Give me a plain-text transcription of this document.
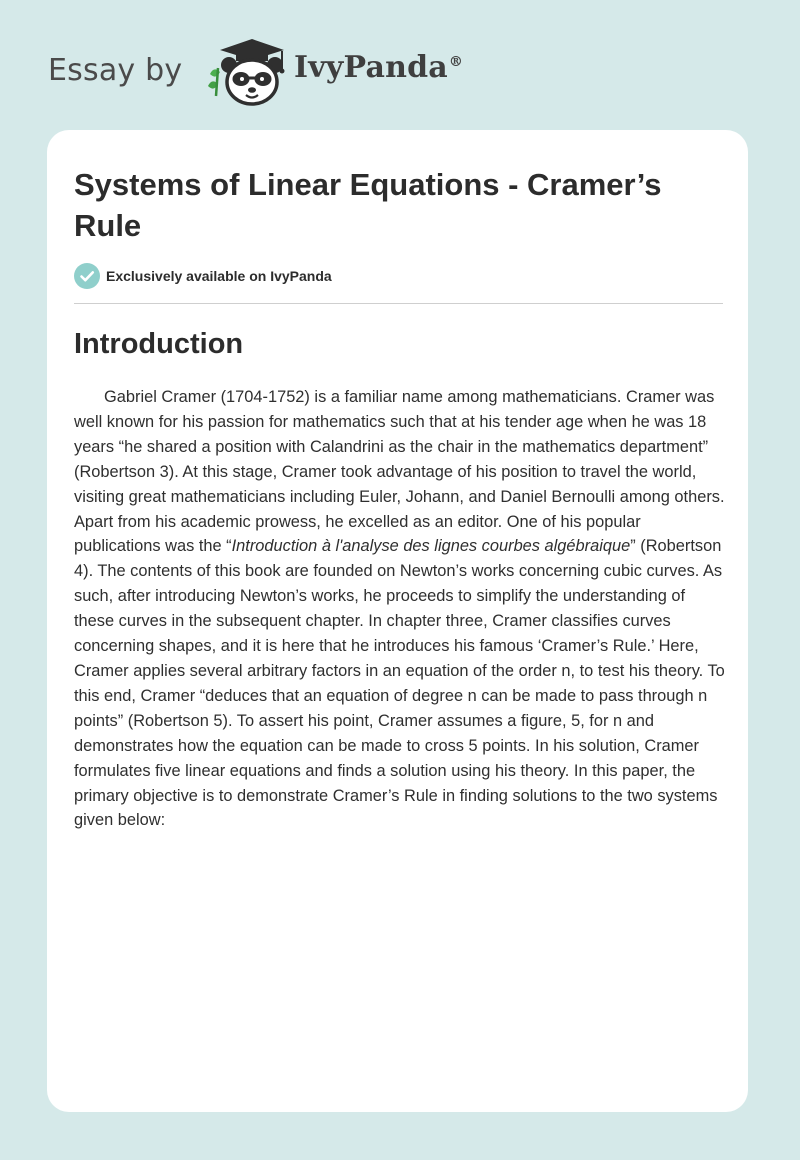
Essay by	IvyPanda®
Systems of Linear Equations - Cramer’s Rule
Exclusively available on IvyPanda
Introduction

Gabriel Cramer (1704-1752) is a familiar name among mathematicians. Cramer was well known for his passion for mathematics such that at his tender age when he was 18 years “he shared a position with Calandrini as the chair in the mathematics department” (Robertson 3). At this stage, Cramer took advantage of his position to travel the world, visiting great mathematicians including Euler, Johann, and Daniel Bernoulli among others. Apart from his academic prowess, he excelled as an editor. One of his popular publications was the “Introduction à l'analyse des lignes courbes algébraique” (Robertson 4). The contents of this book are founded on Newton’s works concerning cubic curves. As such, after introducing Newton’s works, he proceeds to simplify the understanding of these curves in the subsequent chapter. In chapter three, Cramer classifies curves concerning shapes, and it is here that he introduces his famous ‘Cramer’s Rule.’ Here, Cramer applies several arbitrary factors in an equation of the order n, to test his theory. To this end, Cramer “deduces that an equation of degree n can be made to pass through n points” (Robertson 5). To assert his point, Cramer assumes a figure, 5, for n and demonstrates how the equation can be made to cross 5 points. In his solution, Cramer formulates five linear equations and finds a solution using his theory. In this paper, the primary objective is to demonstrate Cramer’s Rule in finding solutions to the two systems given below:
